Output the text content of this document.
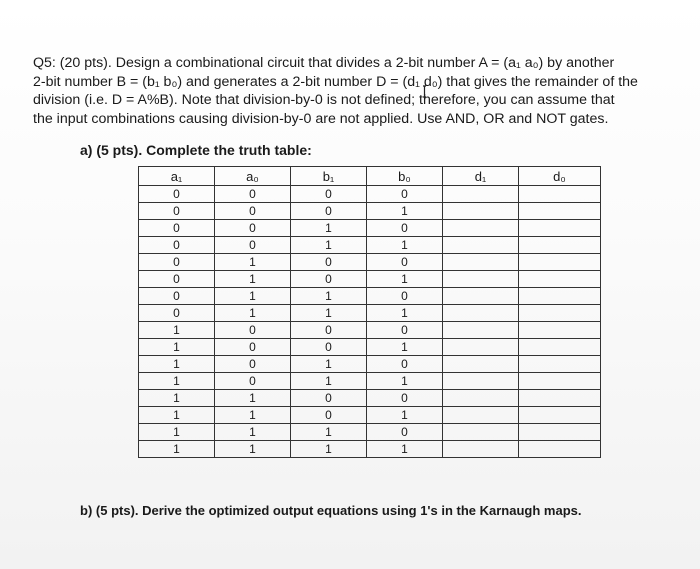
Q5: (20 pts). Design a combinational circuit that divides a 2-bit number A = (a₁ a₀) by another

2-bit number B = (b₁ b₀) and generates a 2-bit number D = (d₁ d₀) that gives the remainder of the

division (i.e. D = A%B). Note that division-by-0 is not defined; therefore, you can assume that

the input combinations causing division-by-0 are not applied. Use AND, OR and NOT gates.

a) (5 pts). Complete the truth table:
a₁	a₀	b₁	b₀	d₁	d₀
0	0	0	0		
0	0	0	1		
0	0	1	0		
0	0	1	1		
0	1	0	0		
0	1	0	1		
0	1	1	0		
0	1	1	1		
1	0	0	0		
1	0	0	1		
1	0	1	0		
1	0	1	1		
1	1	0	0		
1	1	0	1		
1	1	1	0		
1	1	1	1		
b) (5 pts). Derive the optimized output equations using 1's in the Karnaugh maps.
